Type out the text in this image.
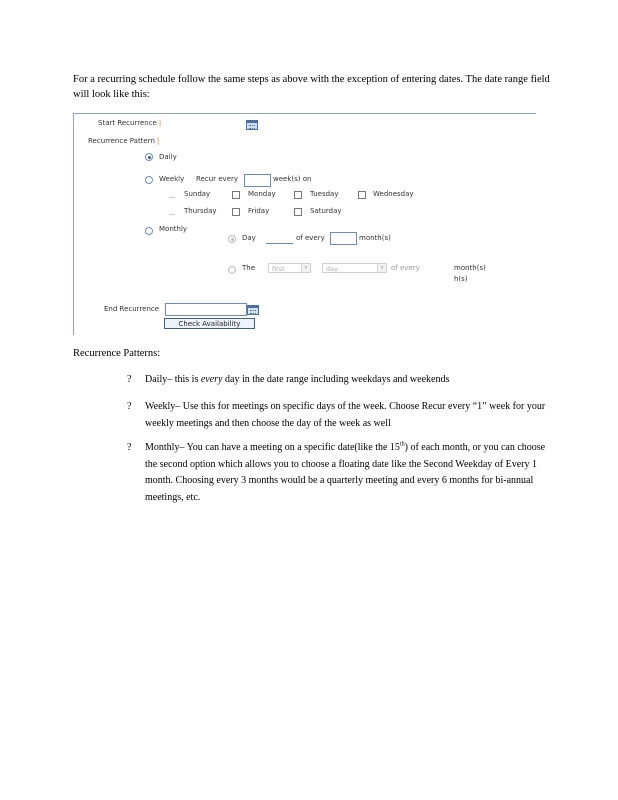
For a recurring schedule follow the same steps as above with the exception of entering dates. The date range field will look like this:

Start Recurrence |
Recurrence Pattern |
Daily
Weekly Recur every	week(s) on
Sunday	Monday	Tuesday	Wednesday
Thursday	Friday	Saturday
Monthly
Day	of every	month(s)
The	first	▾	day	▾	of every	month(s)
h(s)
End Recurrence
Check Availability
Recurrence Patterns:
? Daily– this is every day in the date range including weekdays and weekends
? Weekly– Use this for meetings on specific days of the week. Choose Recur every “1” week for your weekly meetings and then choose the day of the week as well
? Monthly– You can have a meeting on a specific date(like the 15th) of each month, or you can choose the second option which allows you to choose a floating date like the Second Weekday of Every 1 month. Choosing every 3 months would be a quarterly meeting and every 6 months for bi-annual meetings, etc.
